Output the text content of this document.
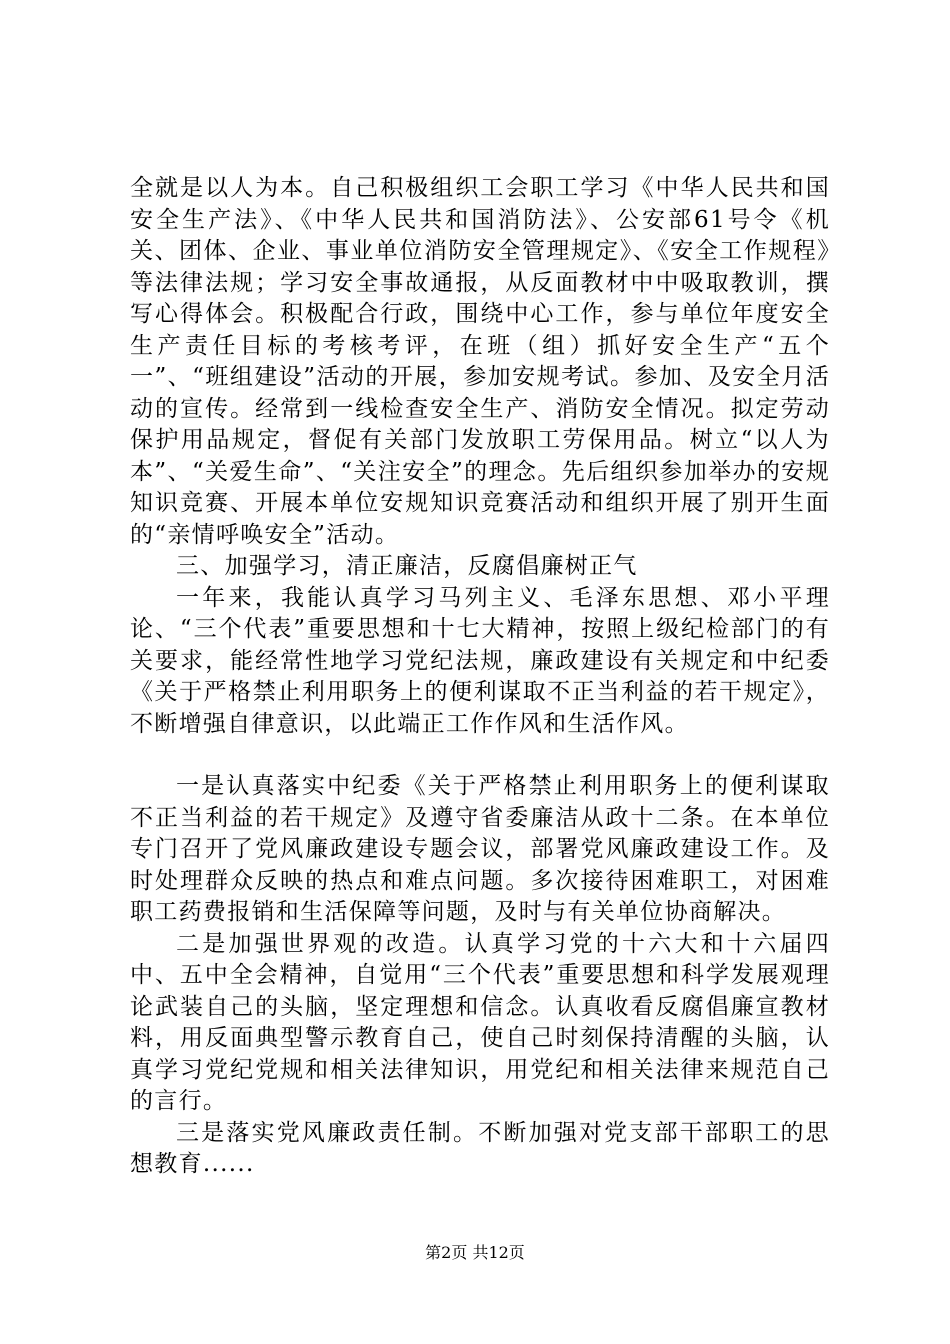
全就是以人为本。自己积极组织工会职工学习《中华人民共和国安全生产法》、《中华人民共和国消防法》、公安部61号令《机关、团体、企业、事业单位消防安全管理规定》、《安全工作规程》等法律法规；学习安全事故通报，从反面教材中中吸取教训，撰写心得体会。积极配合行政，围绕中心工作，参与单位年度安全生产责任目标的考核考评，在班（组）抓好安全生产“五个一”、“班组建设”活动的开展，参加安规考试。参加、及安全月活动的宣传。经常到一线检查安全生产、消防安全情况。拟定劳动保护用品规定，督促有关部门发放职工劳保用品。树立“以人为本”、“关爱生命”、“关注安全”的理念。先后组织参加举办的安规知识竞赛、开展本单位安规知识竞赛活动和组织开展了别开生面的“亲情呼唤安全”活动。

三、加强学习，清正廉洁，反腐倡廉树正气

一年来，我能认真学习马列主义、毛泽东思想、邓小平理论、“三个代表”重要思想和十七大精神，按照上级纪检部门的有关要求，能经常性地学习党纪法规，廉政建设有关规定和中纪委《关于严格禁止利用职务上的便利谋取不正当利益的若干规定》，不断增强自律意识，以此端正工作作风和生活作风。

一是认真落实中纪委《关于严格禁止利用职务上的便利谋取不正当利益的若干规定》及遵守省委廉洁从政十二条。在本单位专门召开了党风廉政建设专题会议，部署党风廉政建设工作。及时处理群众反映的热点和难点问题。多次接待困难职工，对困难职工药费报销和生活保障等问题，及时与有关单位协商解决。

二是加强世界观的改造。认真学习党的十六大和十六届四中、五中全会精神，自觉用“三个代表”重要思想和科学发展观理论武装自己的头脑，坚定理想和信念。认真收看反腐倡廉宣教材料，用反面典型警示教育自己，使自己时刻保持清醒的头脑，认真学习党纪党规和相关法律知识，用党纪和相关法律来规范自己的言行。

三是落实党风廉政责任制。不断加强对党支部干部职工的思想教育......

第2页 共12页
